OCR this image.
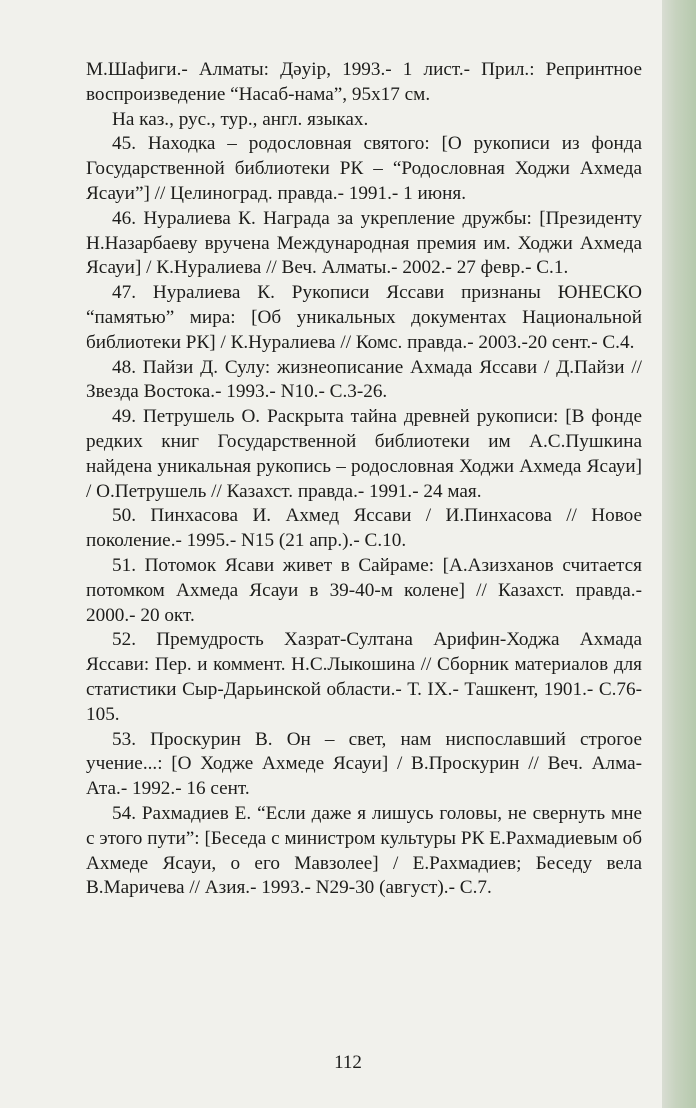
М.Шафиги.- Алматы: Дәуір, 1993.- 1 лист.- Прил.: Репринтное воспроизведение “Насаб-нама”, 95х17 см.

На каз., рус., тур., англ. языках.

45. Находка – родословная святого: [О рукописи из фонда Государственной библиотеки РК – “Родословная Ходжи Ахмеда Ясауи”] // Целиноград. правда.- 1991.- 1 июня.

46. Нуралиева К. Награда за укрепление дружбы: [Президенту Н.Назарбаеву вручена Международная премия им. Ходжи Ахмеда Ясауи] / К.Нуралиева // Веч. Алматы.- 2002.- 27 февр.- С.1.

47. Нуралиева К. Рукописи Яссави признаны ЮНЕСКО “памятью” мира: [Об уникальных документах Национальной библиотеки РК] / К.Нуралиева // Комс. правда.- 2003.-20 сент.- С.4.

48. Пайзи Д. Сулу: жизнеописание Ахмада Яссави / Д.Пайзи // Звезда Востока.- 1993.- N10.- С.3-26.

49. Петрушель О. Раскрыта тайна древней рукописи: [В фонде редких книг Государственной библиотеки им А.С.Пушкина найдена уникальная рукопись – родословная Ходжи Ахмеда Ясауи] / О.Петрушель // Казахст. правда.- 1991.- 24 мая.

50. Пинхасова И. Ахмед Яссави / И.Пинхасова // Новое поколение.- 1995.- N15 (21 апр.).- С.10.

51. Потомок Ясави живет в Сайраме: [А.Азизханов считается потомком Ахмеда Ясауи в 39-40-м колене] // Казахст. правда.- 2000.- 20 окт.

52. Премудрость Хазрат-Султана Арифин-Ходжа Ахмада Яссави: Пер. и коммент. Н.С.Лыкошина // Сборник материалов для статистики Сыр-Дарьинской области.- Т. IX.- Ташкент, 1901.- С.76-105.

53. Проскурин В. Он – свет, нам ниспославший строгое учение...: [О Ходже Ахмеде Ясауи] / В.Проскурин // Веч. Алма-Ата.- 1992.- 16 сент.

54. Рахмадиев Е. “Если даже я лишусь головы, не свернуть мне с этого пути”: [Беседа с министром культуры РК Е.Рахмадиевым об Ахмеде Ясауи, о его Мавзолее] / Е.Рахмадиев; Беседу вела В.Маричева // Азия.- 1993.- N29-30 (август).- С.7.

112
